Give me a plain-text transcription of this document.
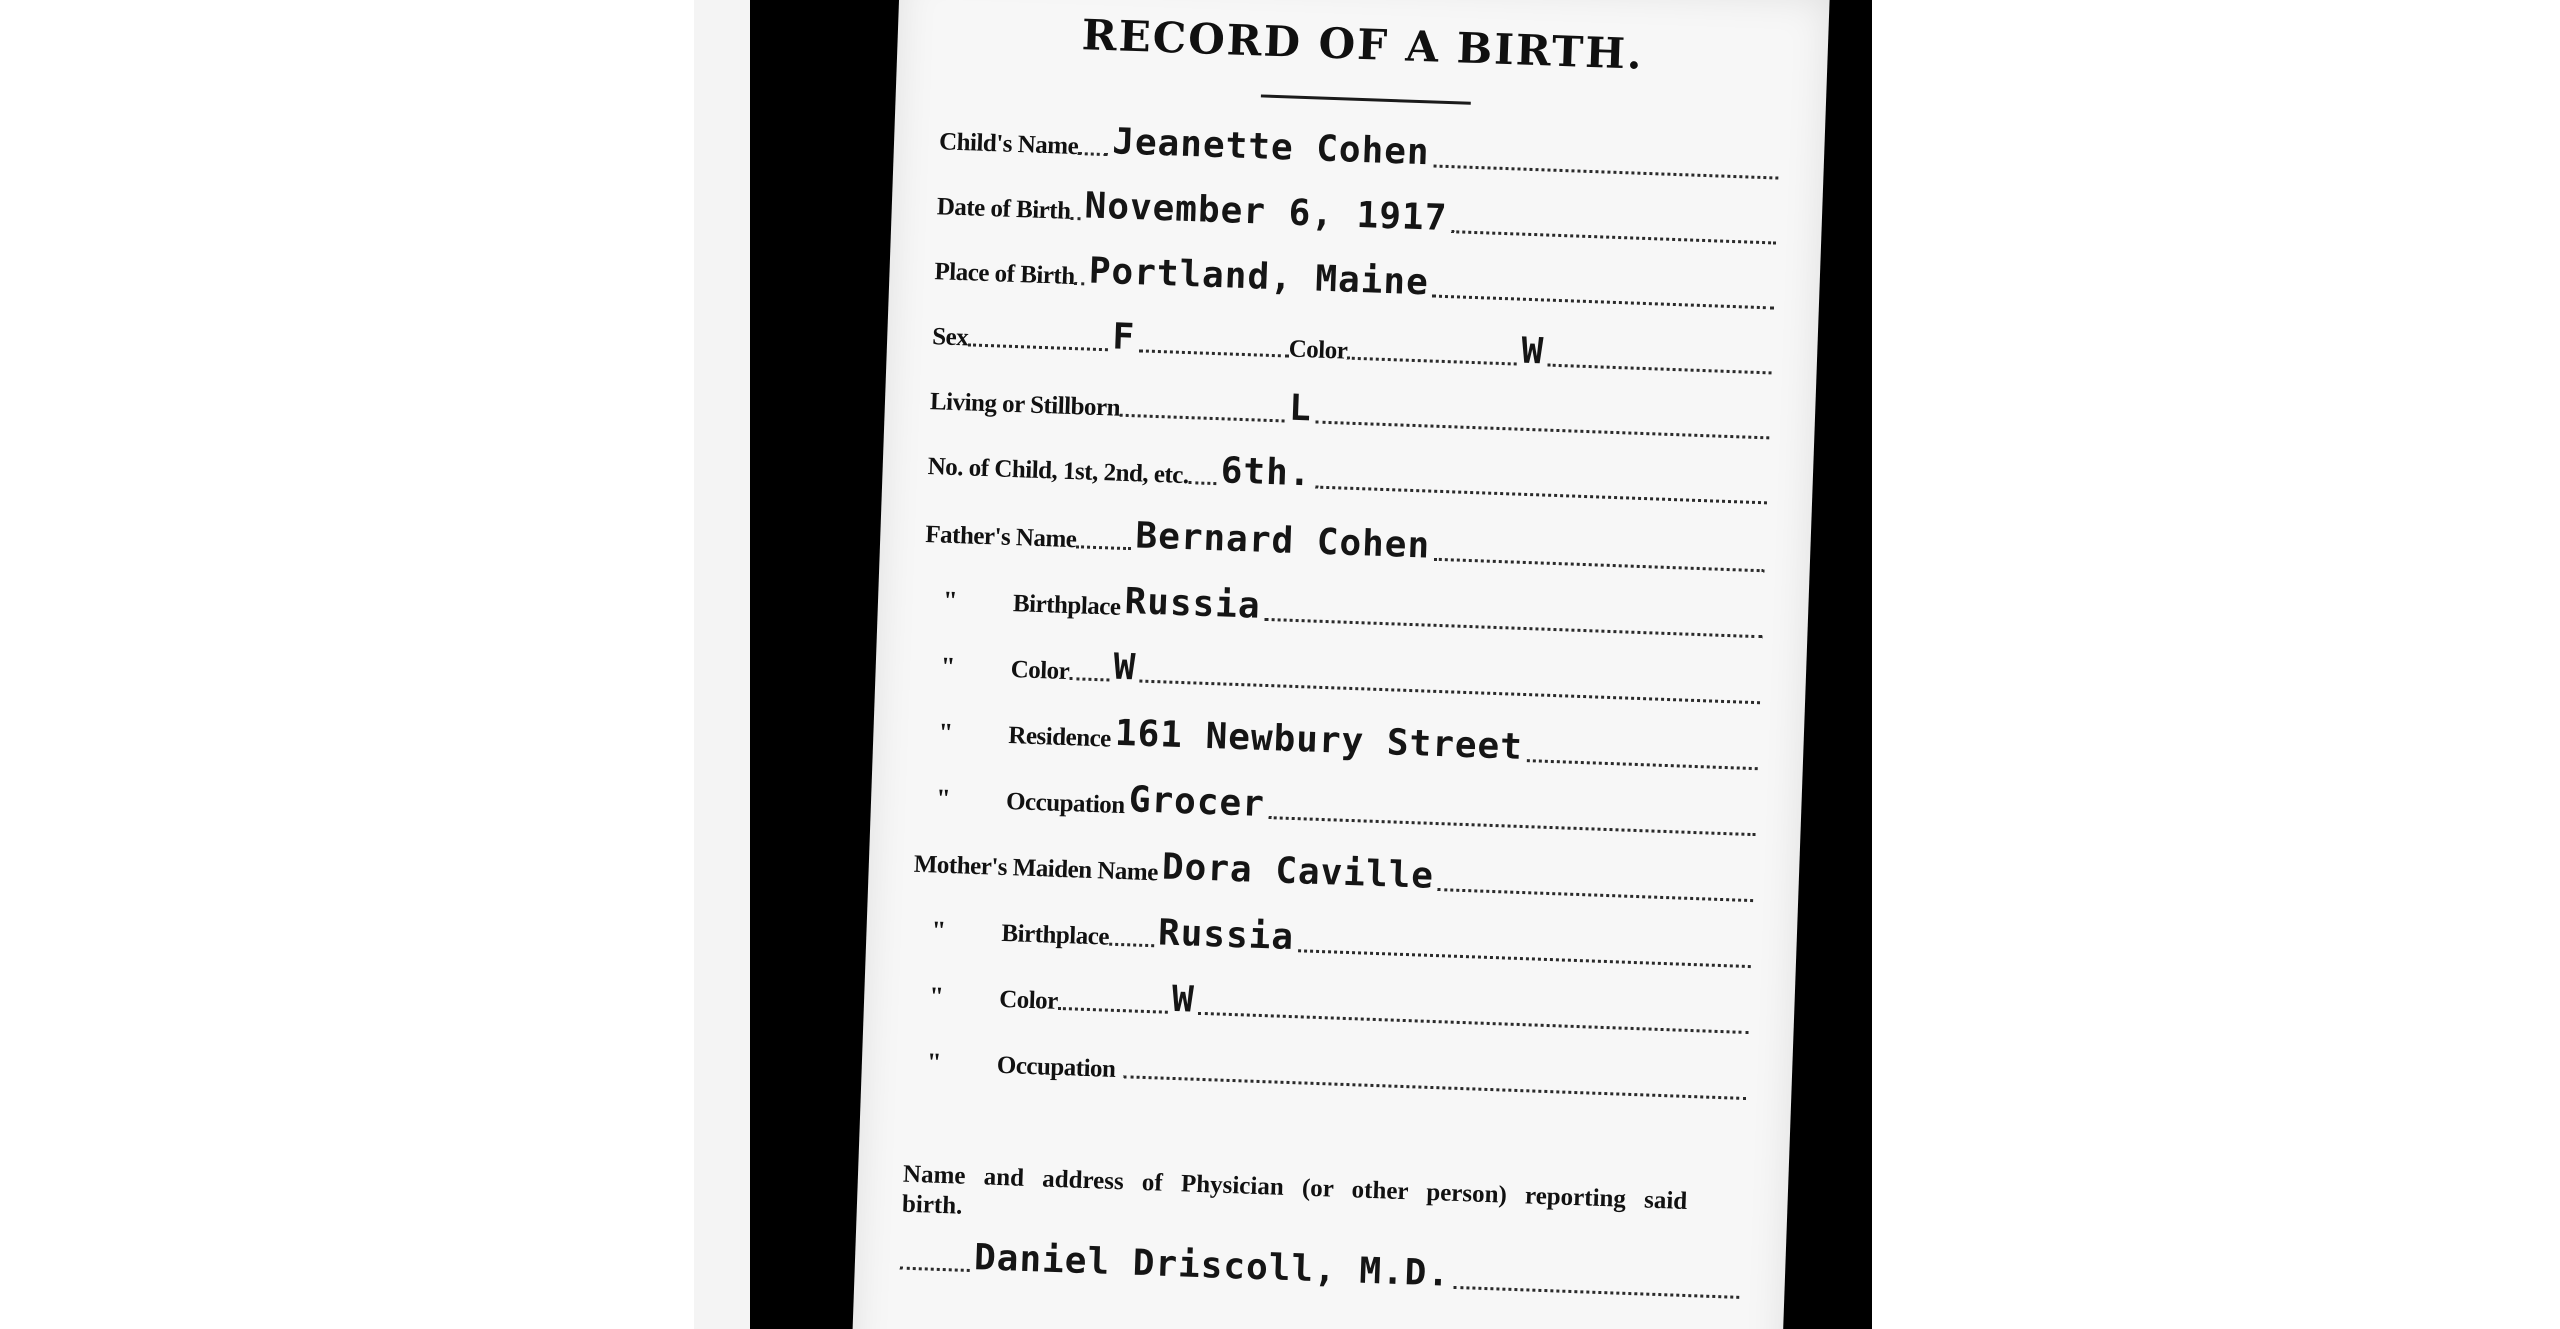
RECORD OF A BIRTH.
Child's Name Jeanette Cohen
Date of Birth November 6, 1917
Place of Birth Portland, Maine
Sex	F	Color	W
Living or Stillborn	L
No. of Child, 1st, 2nd, etc. 6th.
Father's Name Bernard Cohen
"	Birthplace Russia
"	Color W
"	Residence 161 Newbury Street
"	Occupation Grocer
Mother's Maiden Name Dora Caville
"	Birthplace Russia
"	Color	W
"	Occupation
Name and address of Physician (or other person) reporting said birth.
Daniel Driscoll, M.D.
